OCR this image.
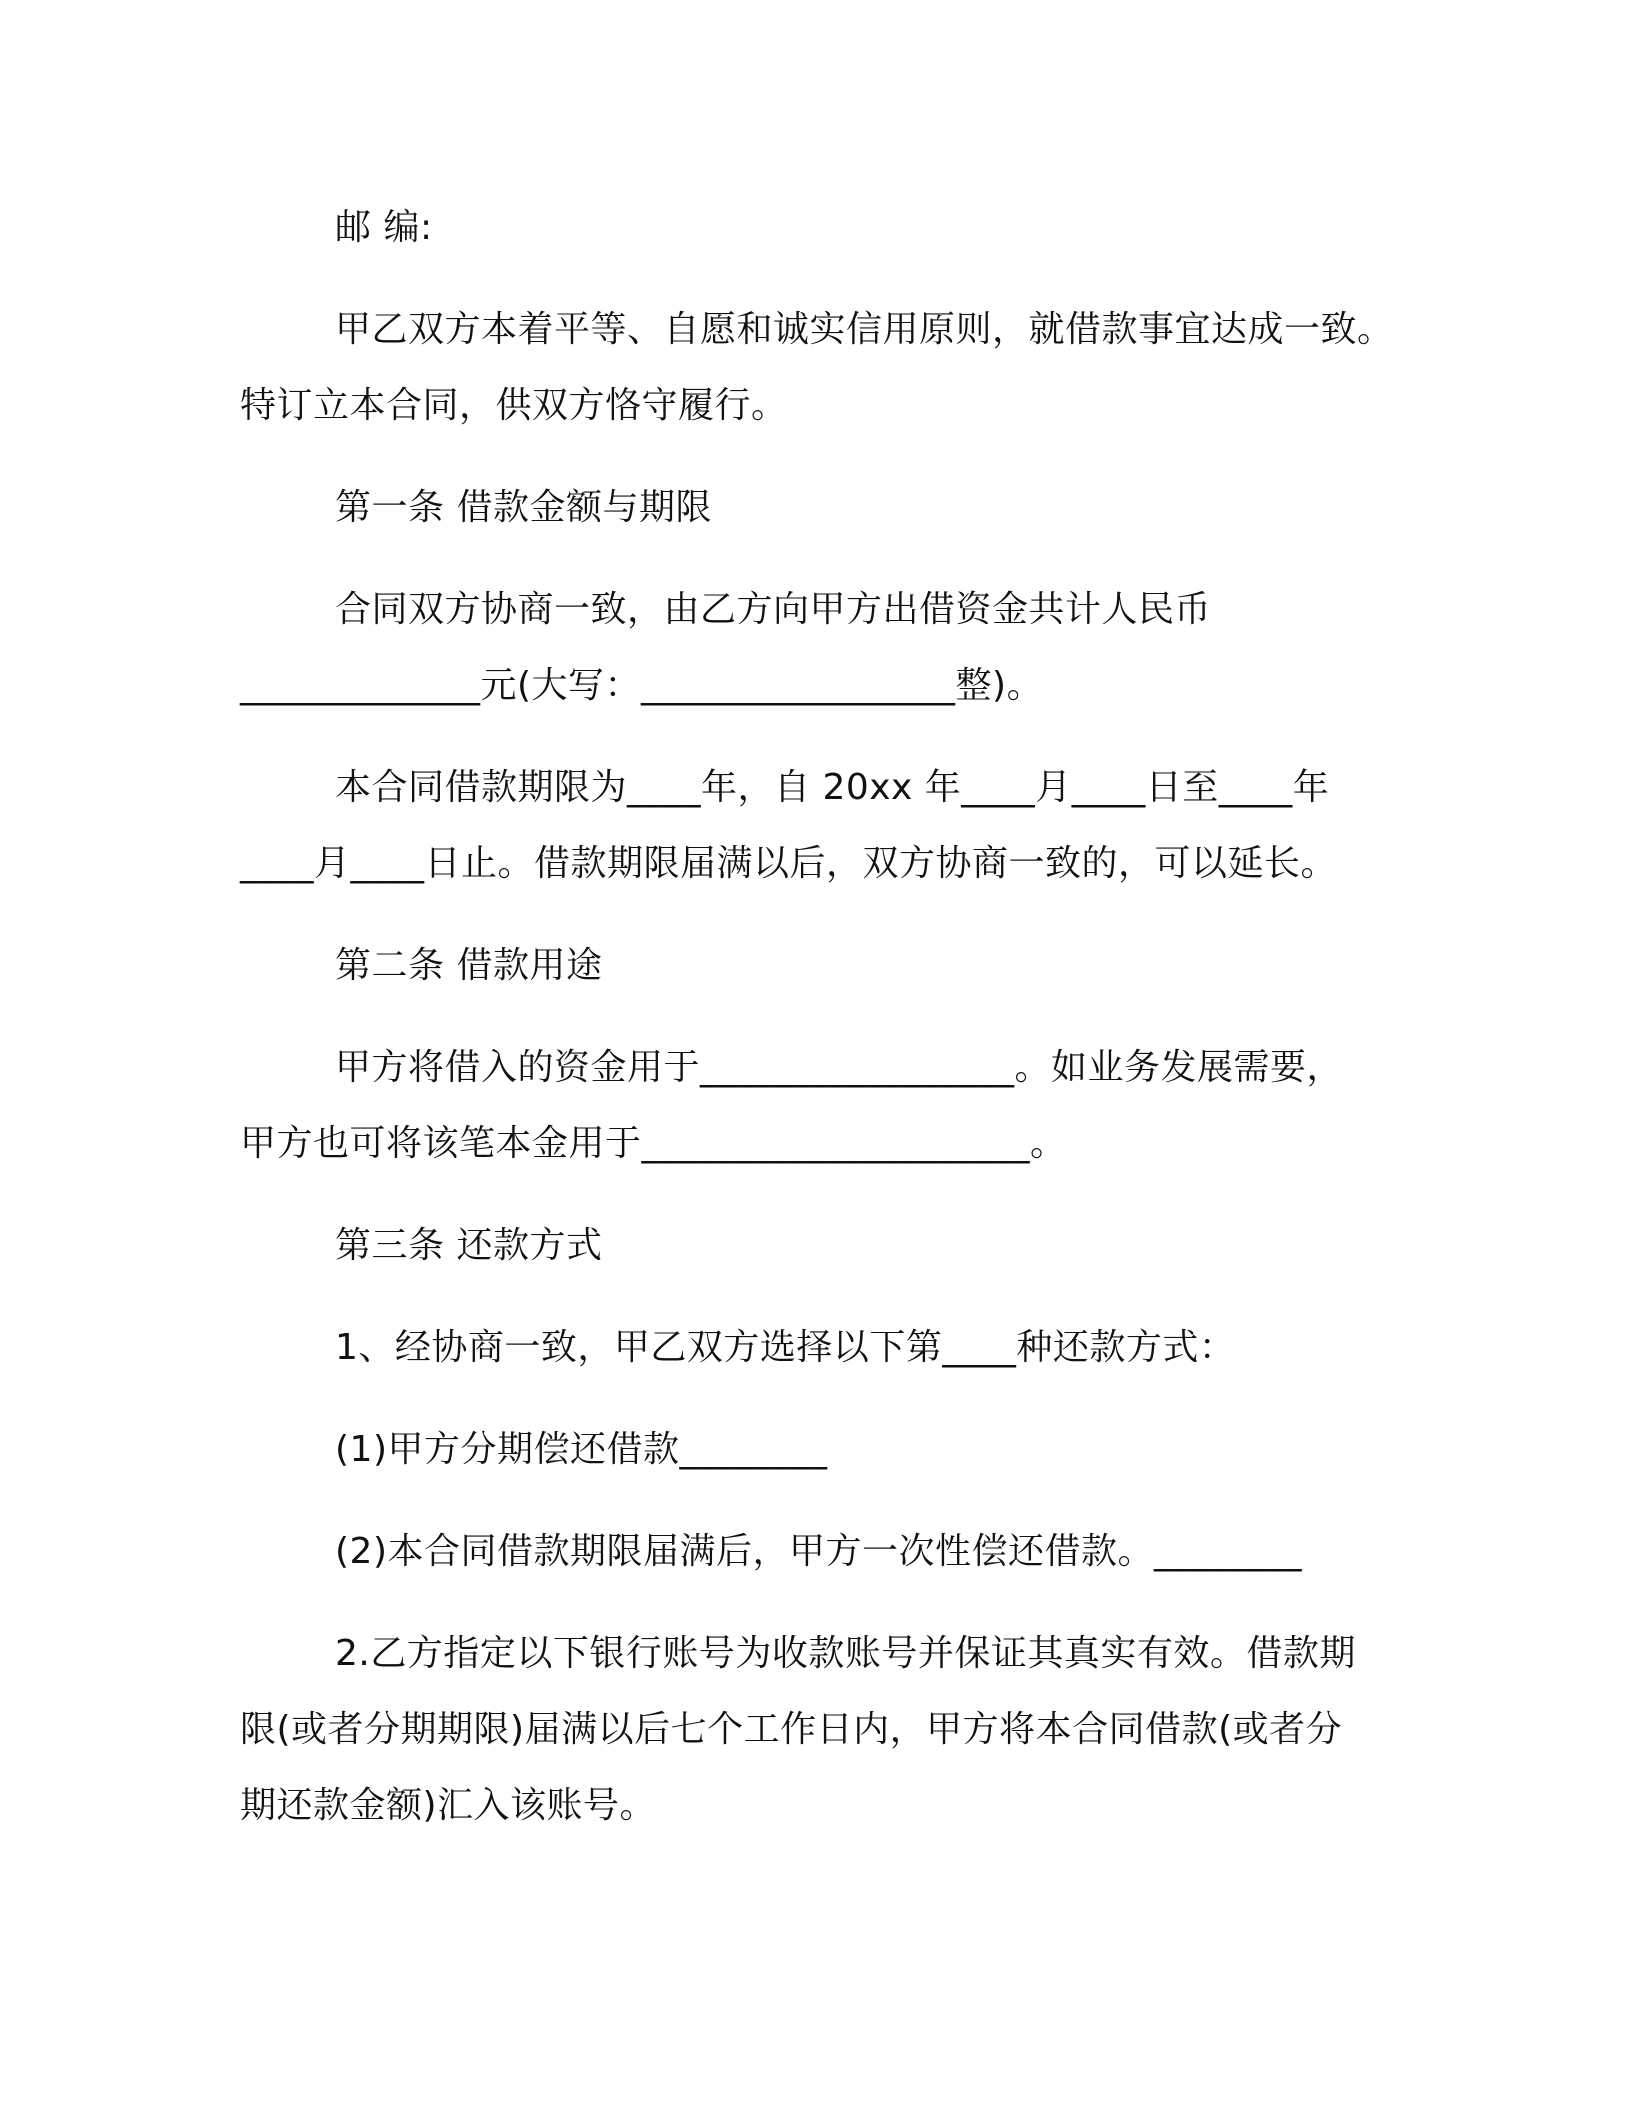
邮 编:

甲乙双方本着平等、自愿和诚实信用原则，就借款事宜达成一致。
特订立本合同，供双方恪守履行。

第一条 借款金额与期限

合同双方协商一致，由乙方向甲方出借资金共计人民币
_____________元(大写：_________________整)。

本合同借款期限为____年，自 20xx 年____月____日至____年
____月____日止。借款期限届满以后，双方协商一致的，可以延长。

第二条 借款用途

甲方将借入的资金用于_________________。如业务发展需要，
甲方也可将该笔本金用于_____________________。

第三条 还款方式

1、经协商一致，甲乙双方选择以下第____种还款方式：

(1)甲方分期偿还借款________

(2)本合同借款期限届满后，甲方一次性偿还借款。________

2.乙方指定以下银行账号为收款账号并保证其真实有效。借款期
限(或者分期期限)届满以后七个工作日内，甲方将本合同借款(或者分
期还款金额)汇入该账号。
